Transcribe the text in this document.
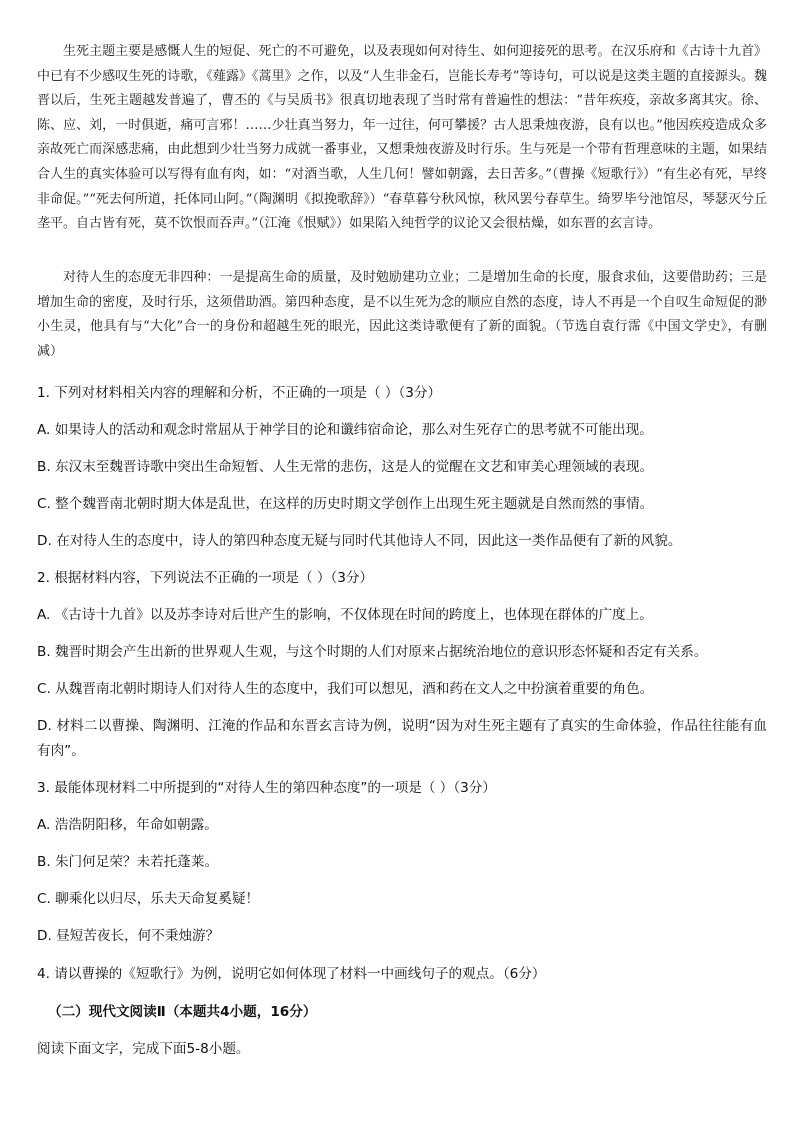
生死主题主要是感慨人生的短促、死亡的不可避免，以及表现如何对待生、如何迎接死的思考。在汉乐府和《古诗十九首》中已有不少感叹生死的诗歌，《薤露》《蒿里》之作，以及“人生非金石，岂能长寿考”等诗句，可以说是这类主题的直接源头。魏晋以后，生死主题越发普遍了，曹丕的《与吴质书》很真切地表现了当时常有普遍性的想法：“昔年疾疫，亲故多离其灾。徐、陈、应、刘，一时俱逝，痛可言邪！……少壮真当努力，年一过往，何可攀援？古人思秉烛夜游，良有以也。”他因疾疫造成众多亲故死亡而深感悲痛，由此想到少壮当努力成就一番事业，又想秉烛夜游及时行乐。生与死是一个带有哲理意味的主题，如果结合人生的真实体验可以写得有血有肉，如：“对酒当歌，人生几何！譬如朝露，去日苦多。”（曹操《短歌行》）“有生必有死，早终非命促。”“死去何所道，托体同山阿。”（陶渊明《拟挽歌辞》）“春草暮兮秋风惊，秋风罢兮春草生。绮罗毕兮池馆尽，琴瑟灭兮丘垄平。自古皆有死，莫不饮恨而吞声。”（江淹《恨赋》）如果陷入纯哲学的议论又会很枯燥，如东晋的玄言诗。

对待人生的态度无非四种：一是提高生命的质量，及时勉励建功立业；二是增加生命的长度，服食求仙，这要借助药；三是增加生命的密度，及时行乐，这须借助酒。第四种态度，是不以生死为念的顺应自然的态度，诗人不再是一个自叹生命短促的渺小生灵，他具有与“大化”合一的身份和超越生死的眼光，因此这类诗歌便有了新的面貌。（节选自袁行霈《中国文学史》，有删减）

1. 下列对材料相关内容的理解和分析，不正确的一项是（ ）（3分）

A. 如果诗人的活动和观念时常屈从于神学目的论和谶纬宿命论，那么对生死存亡的思考就不可能出现。

B. 东汉末至魏晋诗歌中突出生命短暂、人生无常的悲伤，这是人的觉醒在文艺和审美心理领域的表现。

C. 整个魏晋南北朝时期大体是乱世，在这样的历史时期文学创作上出现生死主题就是自然而然的事情。

D. 在对待人生的态度中，诗人的第四种态度无疑与同时代其他诗人不同，因此这一类作品便有了新的风貌。

2. 根据材料内容，下列说法不正确的一项是（ ）（3分）

A. 《古诗十九首》以及苏李诗对后世产生的影响，不仅体现在时间的跨度上，也体现在群体的广度上。

B. 魏晋时期会产生出新的世界观人生观，与这个时期的人们对原来占据统治地位的意识形态怀疑和否定有关系。

C. 从魏晋南北朝时期诗人们对待人生的态度中，我们可以想见，酒和药在文人之中扮演着重要的角色。

D. 材料二以曹操、陶渊明、江淹的作品和东晋玄言诗为例，说明“因为对生死主题有了真实的生命体验，作品往往能有血有肉”。

3. 最能体现材料二中所提到的“对待人生的第四种态度”的一项是（ ）（3分）

A. 浩浩阴阳移，年命如朝露。

B. 朱门何足荣？未若托蓬莱。

C. 聊乘化以归尽，乐夫天命复奚疑！

D. 昼短苦夜长，何不秉烛游？

4. 请以曹操的《短歌行》为例，说明它如何体现了材料一中画线句子的观点。（6分）

（二）现代文阅读Ⅱ（本题共4小题，16分）

阅读下面文字，完成下面5-8小题。
